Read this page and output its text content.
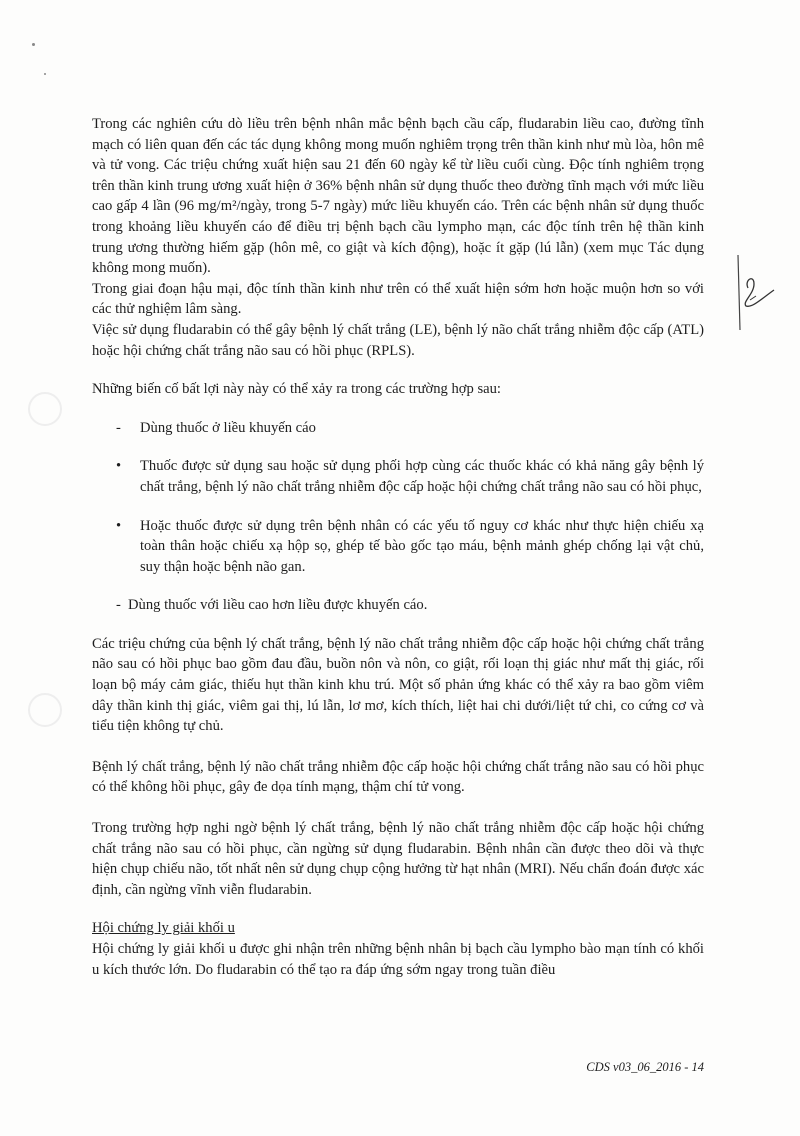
Trong các nghiên cứu dò liều trên bệnh nhân mắc bệnh bạch cầu cấp, fludarabin liều cao, đường tĩnh mạch có liên quan đến các tác dụng không mong muốn nghiêm trọng trên thần kinh như mù lòa, hôn mê và tử vong. Các triệu chứng xuất hiện sau 21 đến 60 ngày kể từ liều cuối cùng. Độc tính nghiêm trọng trên thần kinh trung ương xuất hiện ở 36% bệnh nhân sử dụng thuốc theo đường tĩnh mạch với mức liều cao gấp 4 lần (96 mg/m²/ngày, trong 5-7 ngày) mức liều khuyến cáo. Trên các bệnh nhân sử dụng thuốc trong khoảng liều khuyến cáo để điều trị bệnh bạch cầu lympho mạn, các độc tính trên hệ thần kinh trung ương thường hiếm gặp (hôn mê, co giật và kích động), hoặc ít gặp (lú lẫn) (xem mục Tác dụng không mong muốn).

Trong giai đoạn hậu mại, độc tính thần kinh như trên có thể xuất hiện sớm hơn hoặc muộn hơn so với các thử nghiệm lâm sàng.

Việc sử dụng fludarabin có thể gây bệnh lý chất trắng (LE), bệnh lý não chất trắng nhiễm độc cấp (ATL) hoặc hội chứng chất trắng não sau có hồi phục (RPLS).

Những biến cố bất lợi này này có thể xảy ra trong các trường hợp sau:

- Dùng thuốc ở liều khuyến cáo
• Thuốc được sử dụng sau hoặc sử dụng phối hợp cùng các thuốc khác có khả năng gây bệnh lý chất trắng, bệnh lý não chất trắng nhiễm độc cấp hoặc hội chứng chất trắng não sau có hồi phục,
• Hoặc thuốc được sử dụng trên bệnh nhân có các yếu tố nguy cơ khác như thực hiện chiếu xạ toàn thân hoặc chiếu xạ hộp sọ, ghép tế bào gốc tạo máu, bệnh mảnh ghép chống lại vật chủ, suy thận hoặc bệnh não gan.
- Dùng thuốc với liều cao hơn liều được khuyến cáo.

Các triệu chứng của bệnh lý chất trắng, bệnh lý não chất trắng nhiễm độc cấp hoặc hội chứng chất trắng não sau có hồi phục bao gồm đau đầu, buồn nôn và nôn, co giật, rối loạn thị giác như mất thị giác, rối loạn bộ máy cảm giác, thiếu hụt thần kinh khu trú. Một số phản ứng khác có thể xảy ra bao gồm viêm dây thần kinh thị giác, viêm gai thị, lú lẫn, lơ mơ, kích thích, liệt hai chi dưới/liệt tứ chi, co cứng cơ và tiểu tiện không tự chủ.

Bệnh lý chất trắng, bệnh lý não chất trắng nhiễm độc cấp hoặc hội chứng chất trắng não sau có hồi phục có thể không hồi phục, gây đe dọa tính mạng, thậm chí tử vong.

Trong trường hợp nghi ngờ bệnh lý chất trắng, bệnh lý não chất trắng nhiễm độc cấp hoặc hội chứng chất trắng não sau có hồi phục, cần ngừng sử dụng fludarabin. Bệnh nhân cần được theo dõi và thực hiện chụp chiếu não, tốt nhất nên sử dụng chụp cộng hưởng từ hạt nhân (MRI). Nếu chẩn đoán được xác định, cần ngừng vĩnh viễn fludarabin.

Hội chứng ly giải khối u

Hội chứng ly giải khối u được ghi nhận trên những bệnh nhân bị bạch cầu lympho bào mạn tính có khối u kích thước lớn. Do fludarabin có thể tạo ra đáp ứng sớm ngay trong tuần điều

CDS v03_06_2016 - 14
